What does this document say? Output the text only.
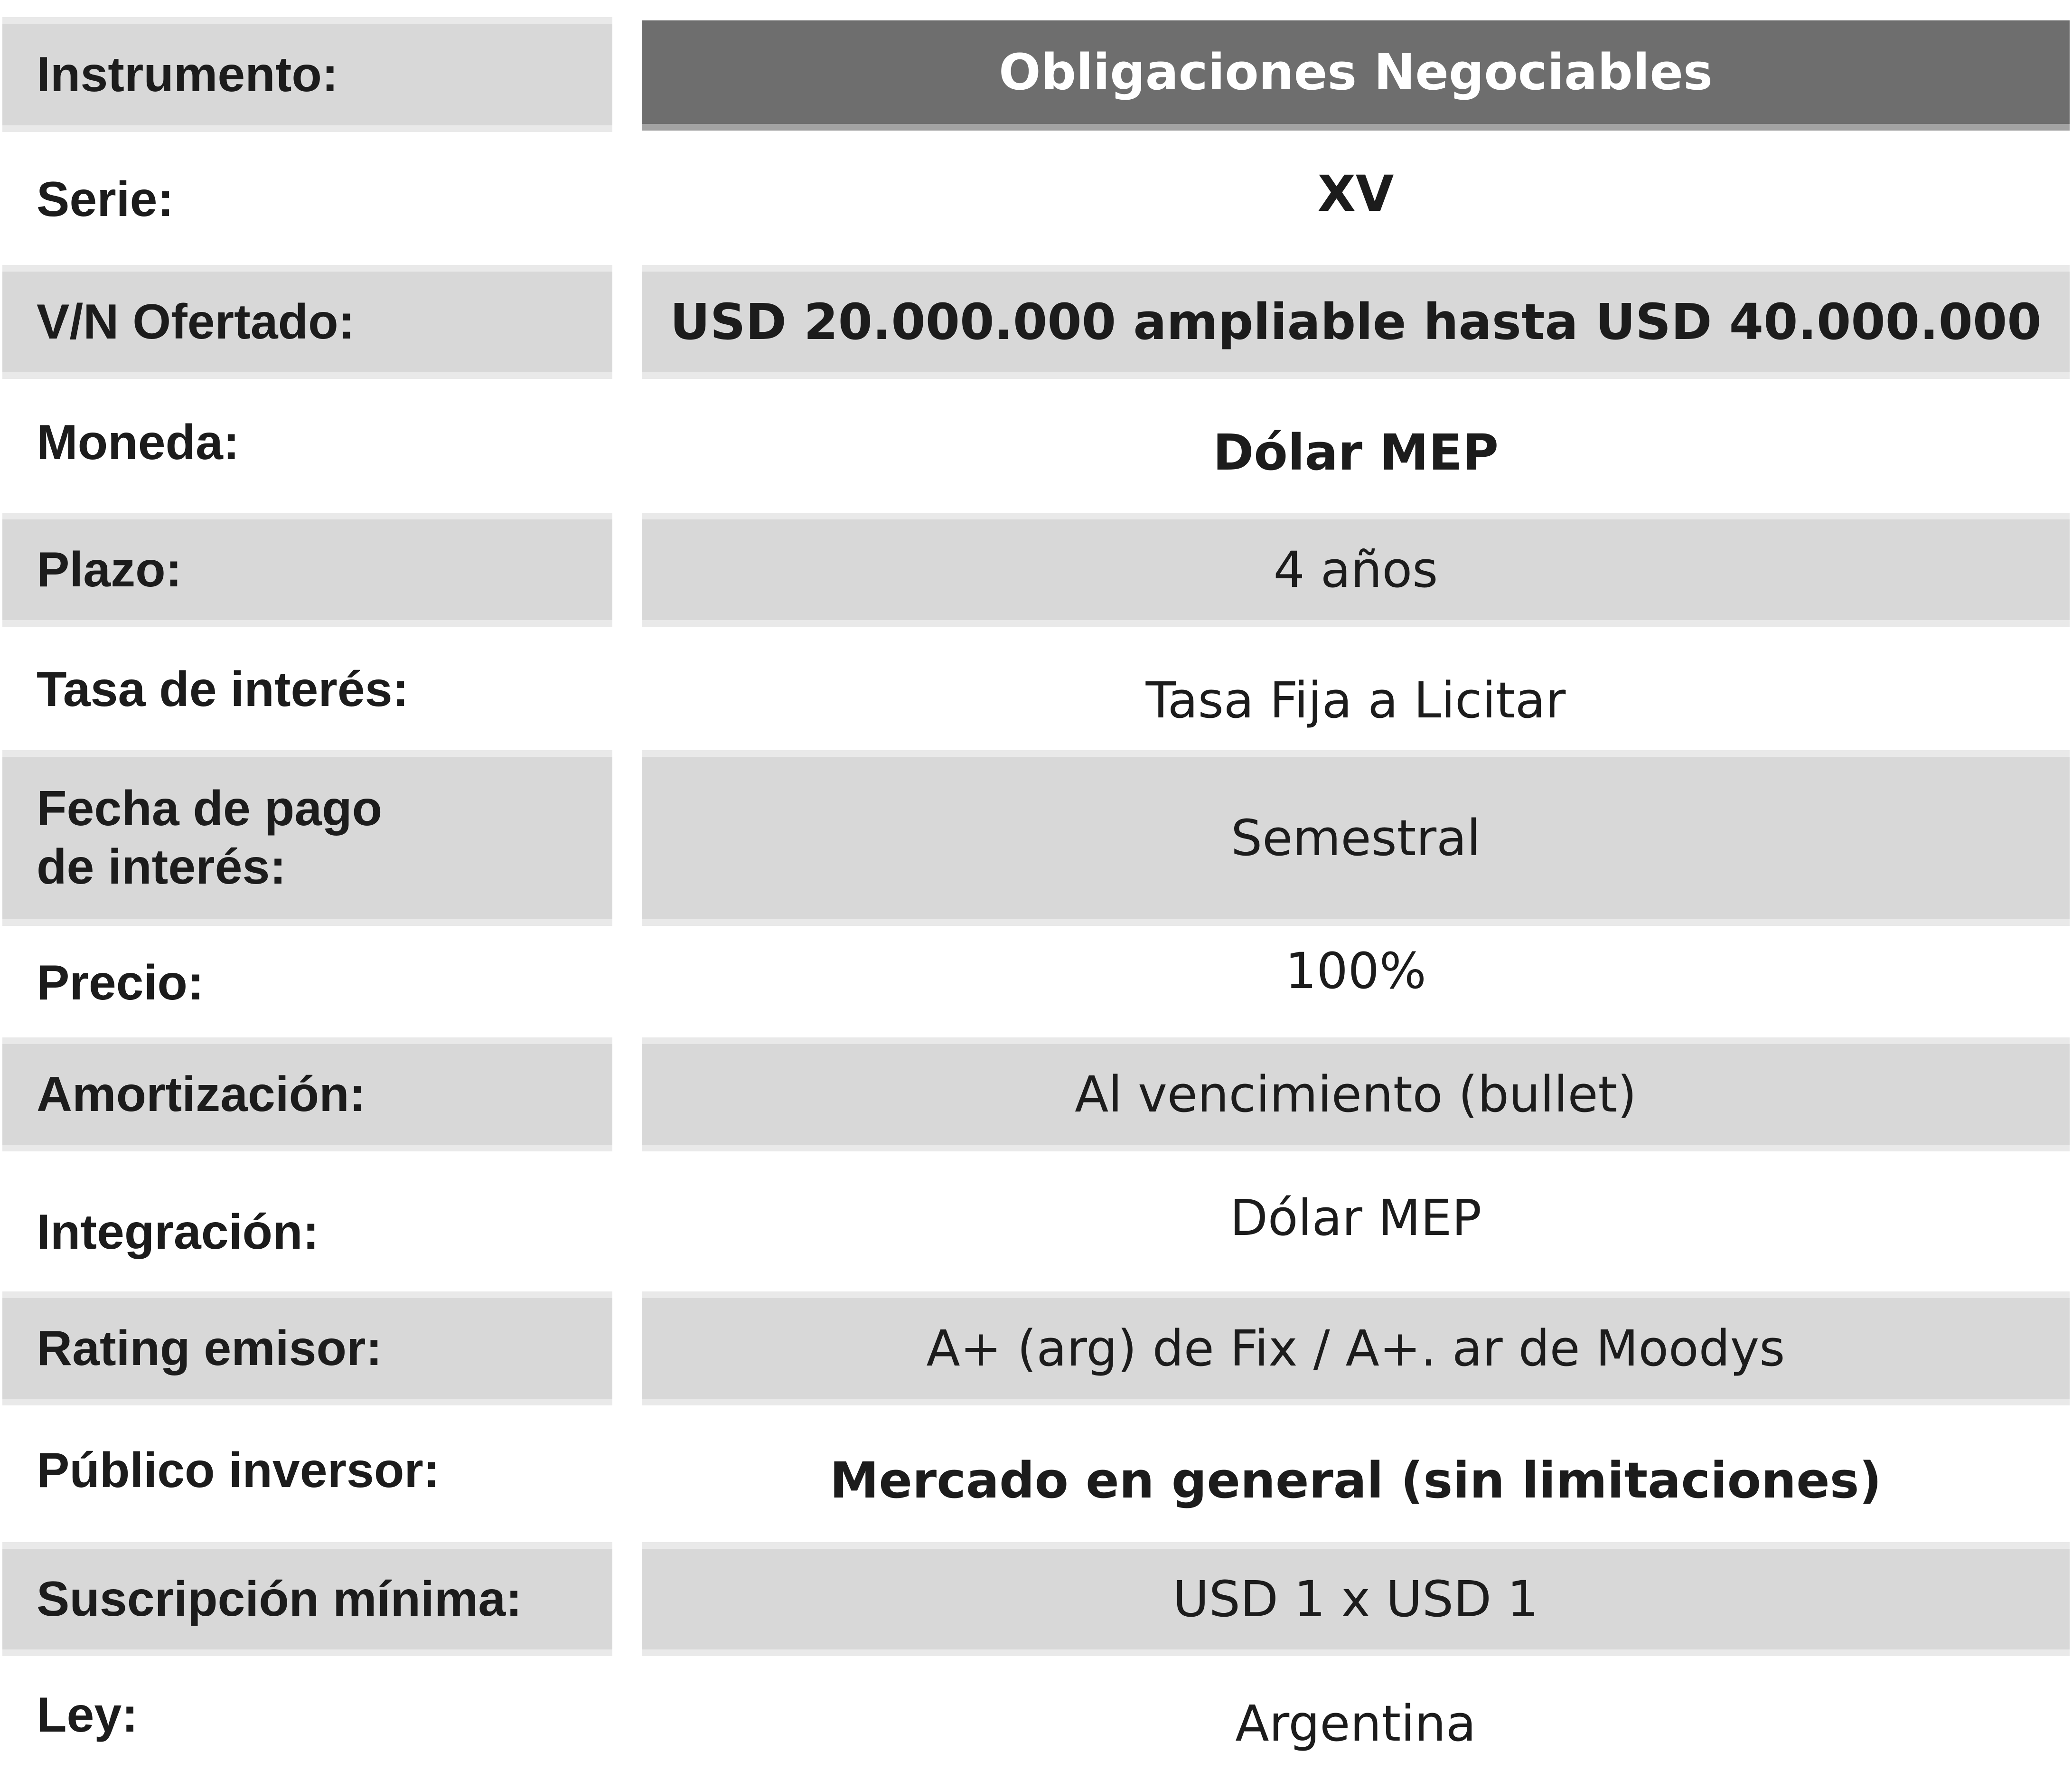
Instrumento:	Obligaciones Negociables
Serie:	XV
V/N Ofertado:	USD 20.000.000 ampliable hasta USD 40.000.000
Moneda:	Dólar MEP
Plazo:	4 años
Tasa de interés:	Tasa Fija a Licitar
Fecha de pago
de interés:	Semestral
Precio:	100%
Amortización:	Al vencimiento (bullet)
Integración:	Dólar MEP
Rating emisor:	A+ (arg) de Fix / A+. ar de Moodys
Público inversor:	Mercado en general (sin limitaciones)
Suscripción mínima:	USD 1 x USD 1
Ley:	Argentina
